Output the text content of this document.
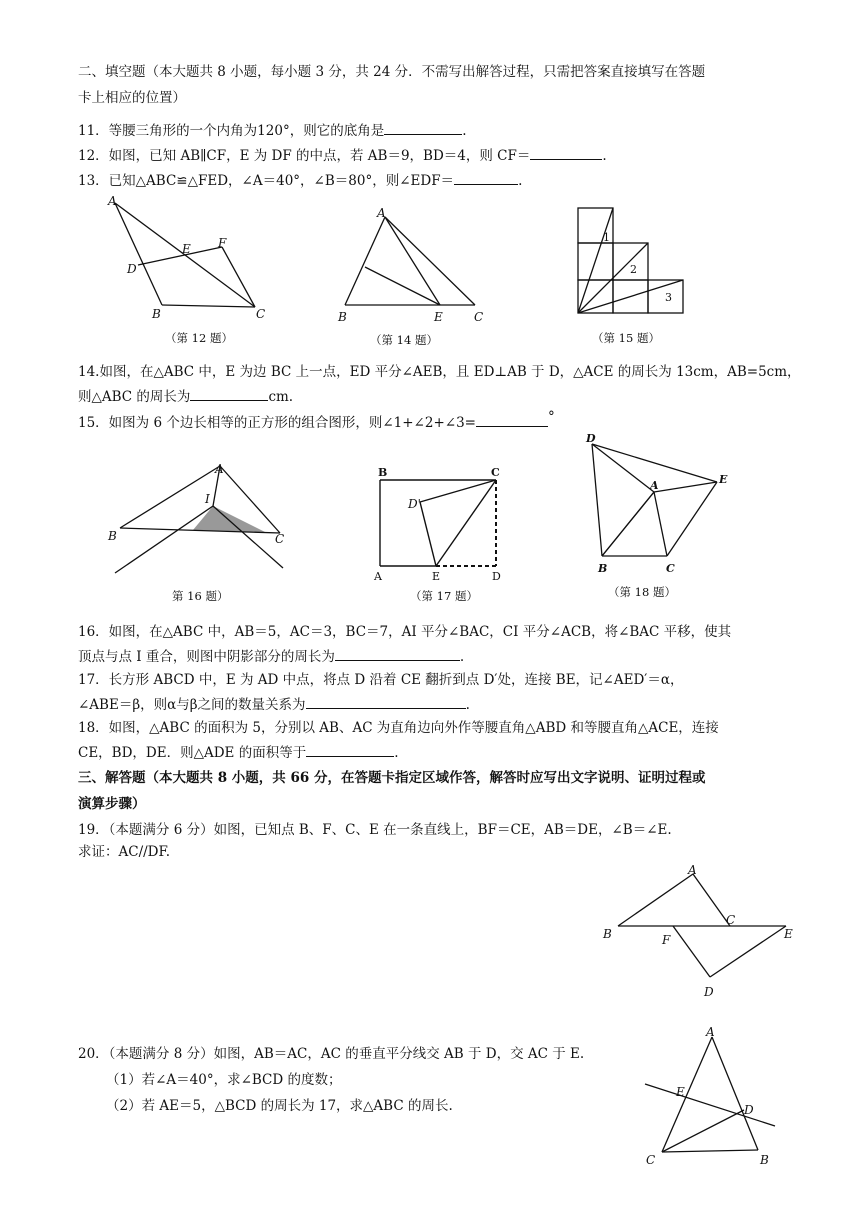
二、填空题（本大题共 8 小题，每小题 3 分，共 24 分．不需写出解答过程，只需把答案直接填写在答题
卡上相应的位置）
11．等腰三角形的一个内角为120°，则它的底角是	.
12．如图，已知 AB∥CF，E 为 DF 的中点，若 AB＝9，BD＝4，则 CF＝	.
13．已知△ABC≌△FED，∠A＝40°，∠B＝80°，则∠EDF＝	.
A
D
E F
B	C
（第 12 题）
A
B	E	C
（第 14 题）
1
2
3
（第 15 题）
14.如图，在△ABC 中，E 为边 BC 上一点，ED 平分∠AEB，且 ED⊥AB 于 D，△ACE 的周长为 13cm，AB=5cm，
则△ABC 的周长为	cm.
15．如图为 6 个边长相等的正方形的组合图形，则∠1+∠2+∠3=	°
A
I
B	C
第 16 题）
B	C
D'
A	E	D
（第 17 题）
D
A	E
B	C
（第 18 题）
16．如图，在△ABC 中，AB＝5，AC＝3，BC＝7，AI 平分∠BAC，CI 平分∠ACB，将∠BAC 平移，使其
顶点与点 I 重合，则图中阴影部分的周长为	.
17．长方形 ABCD 中，E 为 AD 中点，将点 D 沿着 CE 翻折到点 D′处，连接 BE，记∠AED′＝α，
∠ABE＝β，则α与β之间的数量关系为	.
18．如图，△ABC 的面积为 5，分别以 AB、AC 为直角边向外作等腰直角△ABD 和等腰直角△ACE，连接
CE，BD，DE．则△ADE 的面积等于	.
三、解答题（本大题共 8 小题，共 66 分，在答题卡指定区域作答，解答时应写出文字说明、证明过程或
演算步骤）
19．（本题满分 6 分）如图，已知点 B、F、C、E 在一条直线上，BF＝CE，AB＝DE，∠B＝∠E.
求证：AC//DF.
A
B	F
C
E
D
20．（本题满分 8 分）如图，AB＝AC，AC 的垂直平分线交 AB 于 D，交 AC 于 E.
（1）若∠A＝40°，求∠BCD 的度数；
（2）若 AE＝5，△BCD 的周长为 17，求△ABC 的周长.
A
E
D
C	B
